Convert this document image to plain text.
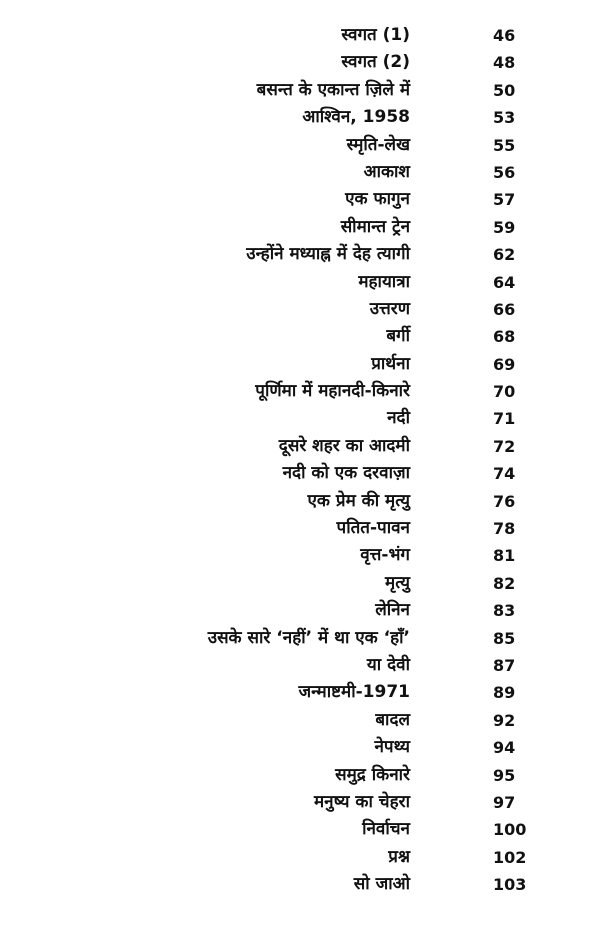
स्वगत (1)	46
स्वगत (2)	48
बसन्त के एकान्त ज़िले में	50
आश्विन, 1958	53
स्मृति-लेख	55
आकाश	56
एक फागुन	57
सीमान्त ट्रेन	59
उन्होंने मध्याह्न में देह त्यागी	62
महायात्रा	64
उत्तरण	66
बर्गी	68
प्रार्थना	69
पूर्णिमा में महानदी-किनारे	70
नदी	71
दूसरे शहर का आदमी	72
नदी को एक दरवाज़ा	74
एक प्रेम की मृत्यु	76
पतित-पावन	78
वृत्त-भंग	81
मृत्यु	82
लेनिन	83
उसके सारे ‘नहीं’ में था एक ‘हाँ’	85
या देवी	87
जन्माष्टमी-1971	89
बादल	92
नेपथ्य	94
समुद्र किनारे	95
मनुष्य का चेहरा	97
निर्वाचन	100
प्रश्न	102
सो जाओ	103
